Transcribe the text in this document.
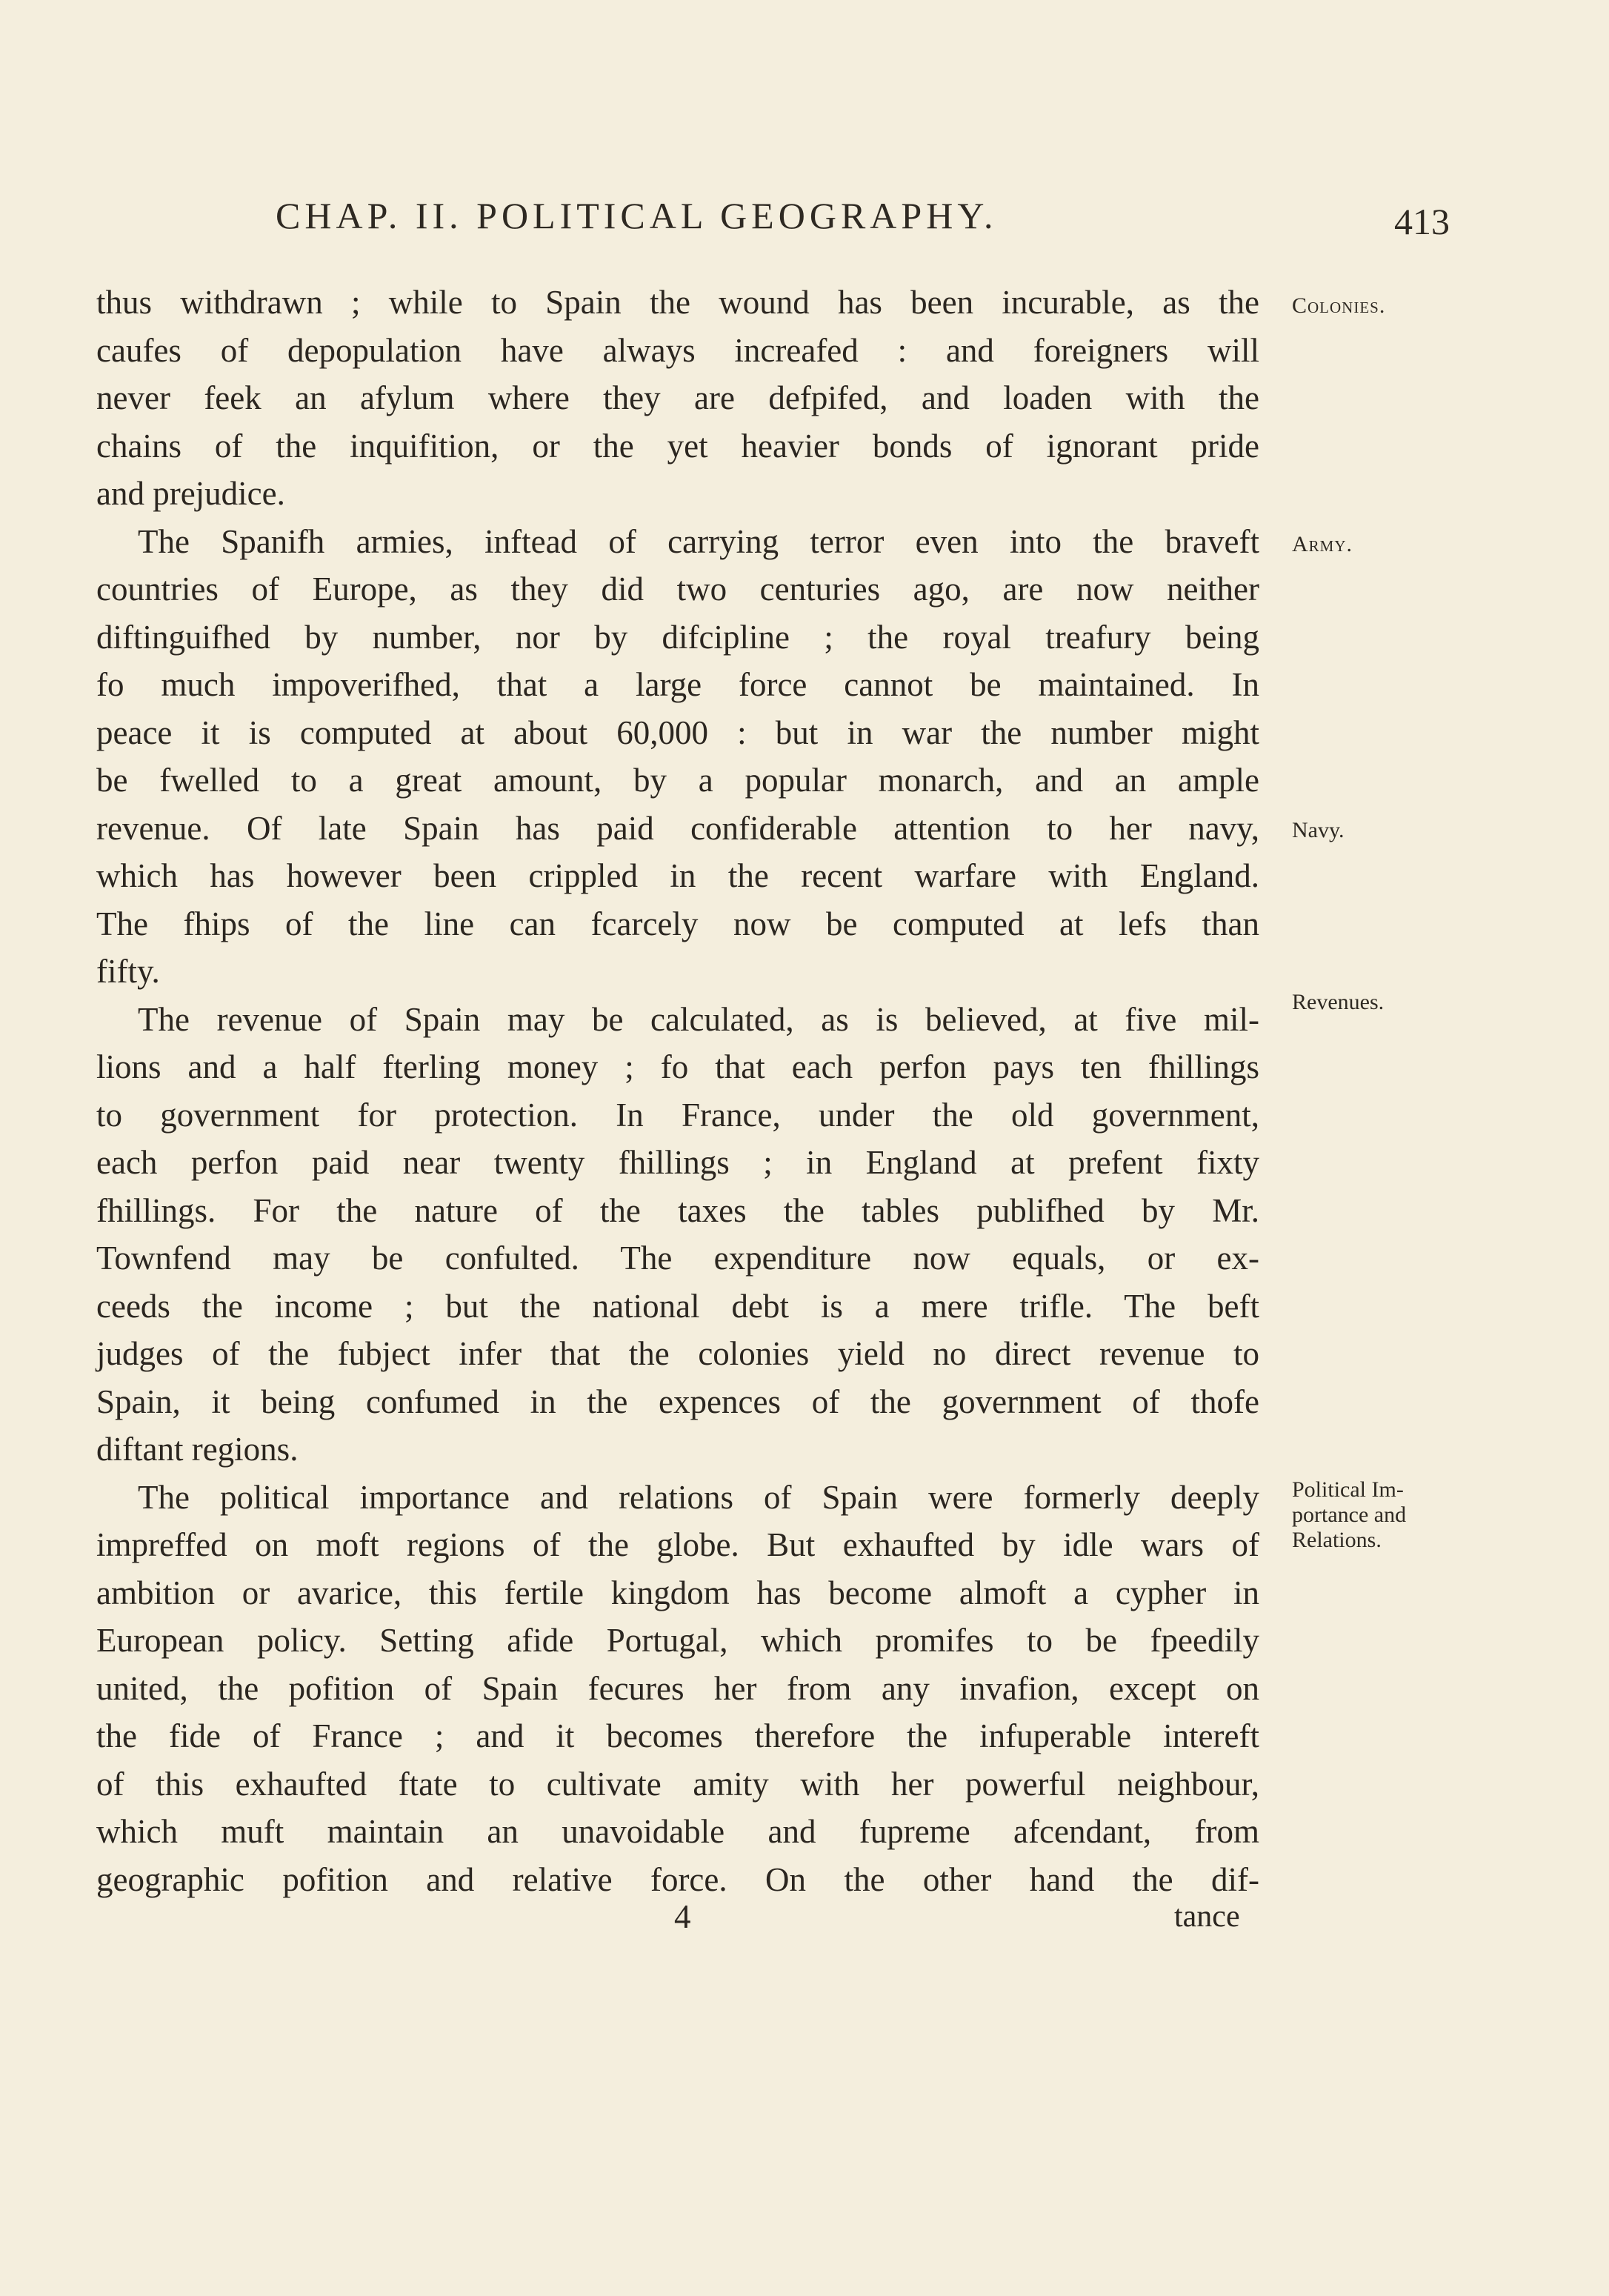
CHAP. II. POLITICAL GEOGRAPHY.	413
thus withdrawn ; while to Spain the wound has been incurable, as the
caufes of depopulation have always increafed : and foreigners will
never feek an afylum where they are defpifed, and loaden with the
chains of the inquifition, or the yet heavier bonds of ignorant pride
and prejudice.
The Spanifh armies, inftead of carrying terror even into the braveft
countries of Europe, as they did two centuries ago, are now neither
diftinguifhed by number, nor by difcipline ; the royal treafury being
fo much impoverifhed, that a large force cannot be maintained. In
peace it is computed at about 60,000 : but in war the number might
be fwelled to a great amount, by a popular monarch, and an ample
revenue. Of late Spain has paid confiderable attention to her navy,
which has however been crippled in the recent warfare with England.
The fhips of the line can fcarcely now be computed at lefs than
fifty.
The revenue of Spain may be calculated, as is believed, at five mil-
lions and a half fterling money ; fo that each perfon pays ten fhillings
to government for protection. In France, under the old government,
each perfon paid near twenty fhillings ; in England at prefent fixty
fhillings. For the nature of the taxes the tables publifhed by Mr.
Townfend may be confulted. The expenditure now equals, or ex-
ceeds the income ; but the national debt is a mere trifle. The beft
judges of the fubject infer that the colonies yield no direct revenue to
Spain, it being confumed in the expences of the government of thofe
diftant regions.
The political importance and relations of Spain were formerly deeply
impreffed on moft regions of the globe. But exhaufted by idle wars of
ambition or avarice, this fertile kingdom has become almoft a cypher in
European policy. Setting afide Portugal, which promifes to be fpeedily
united, the pofition of Spain fecures her from any invafion, except on
the fide of France ; and it becomes therefore the infuperable intereft
of this exhaufted ftate to cultivate amity with her powerful neighbour,
which muft maintain an unavoidable and fupreme afcendant, from
geographic pofition and relative force. On the other hand the dif-
Colonies.
Army.
Navy.
Revenues.
Political Im-
portance and
Relations.
4	tance
